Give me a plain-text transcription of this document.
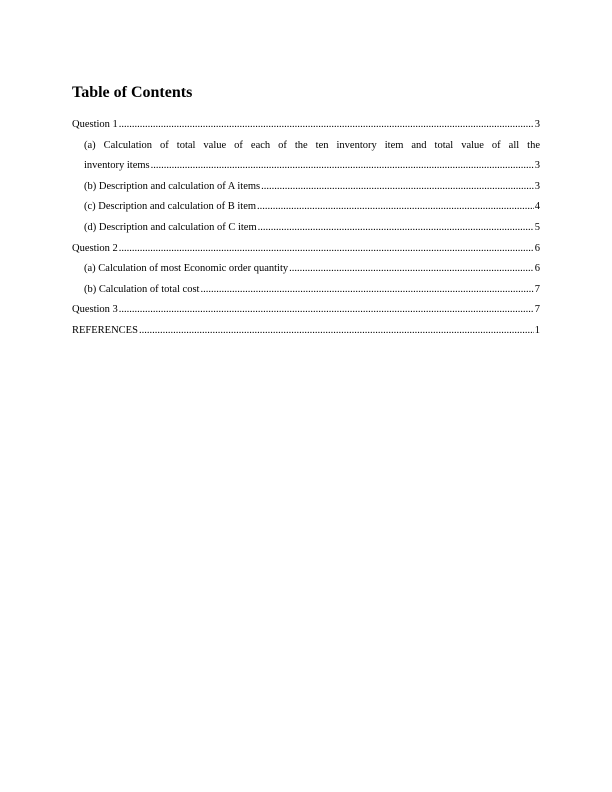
Table of Contents
Question 1 .....	3
(a) Calculation of total value of each of the ten inventory item and total value of all the
inventory items .....	3
(b) Description and calculation of A items .....	3
(c) Description and calculation of B item .....	4
(d) Description and calculation of C item .....	5
Question 2 .....	6
(a) Calculation of most Economic order quantity .....	6
(b) Calculation of total cost .....	7
Question 3 .....	7
REFERENCES .....	1
